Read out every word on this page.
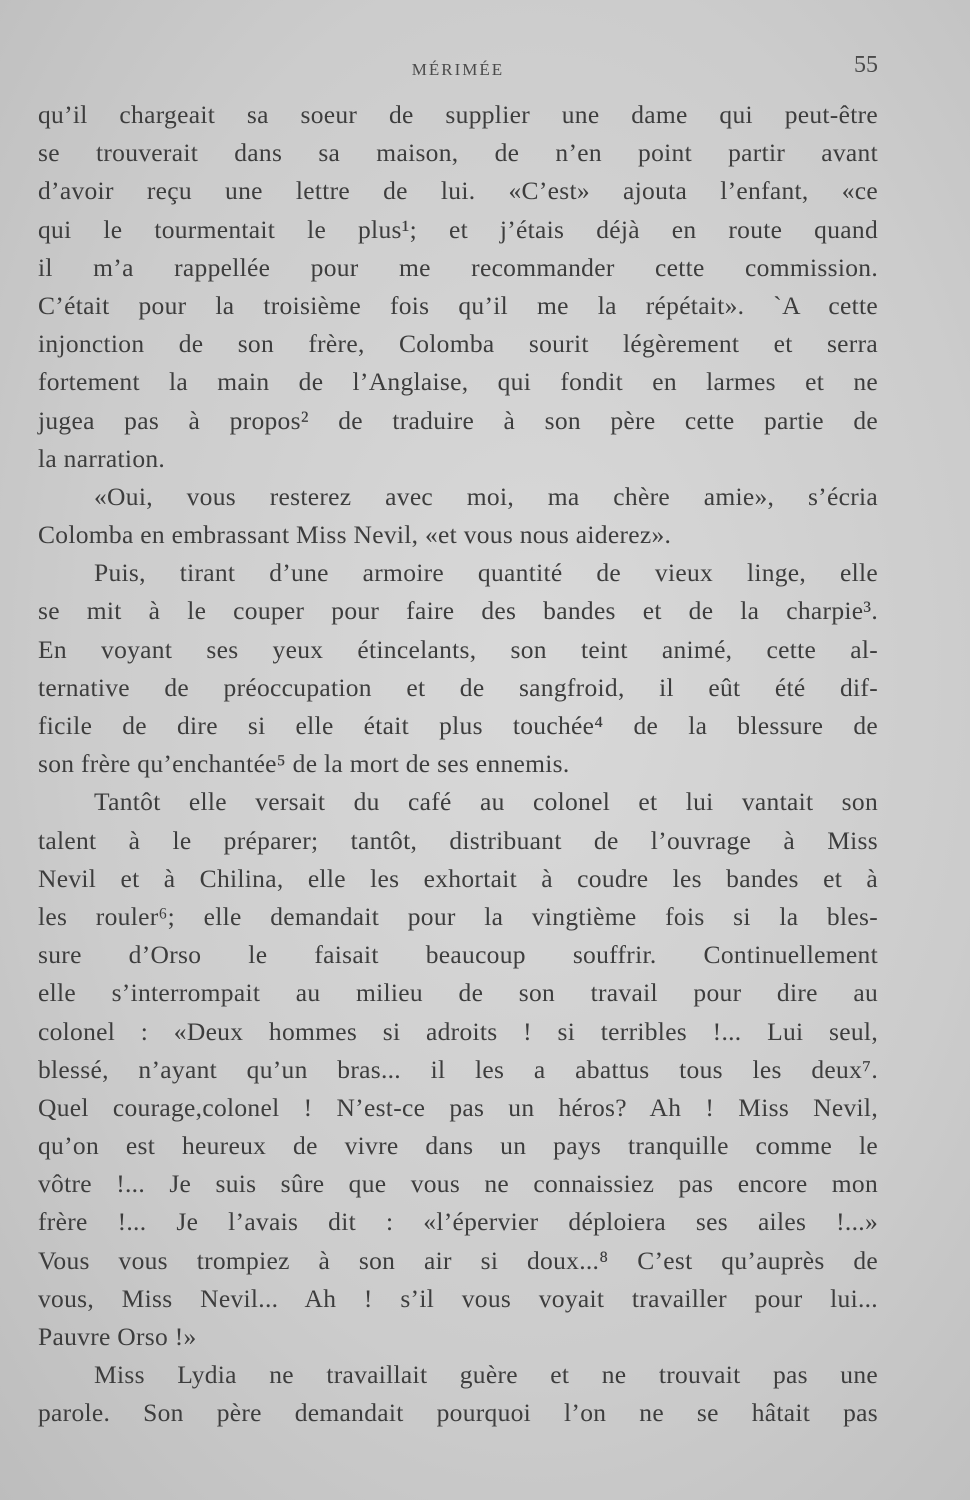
MÉRIMÉE	55
qu’il chargeait sa soeur de supplier une dame qui peut-être
se trouverait dans sa maison, de n’en point partir avant
d’avoir reçu une lettre de lui. «C’est» ajouta l’enfant, «ce
qui le tourmentait le plus¹; et j’étais déjà en route quand
il m’a rappellée pour me recommander cette commission.
C’était pour la troisième fois qu’il me la répétait». `A cette
injonction de son frère, Colomba sourit légèrement et serra
fortement la main de l’Anglaise, qui fondit en larmes et ne
jugea pas à propos² de traduire à son père cette partie de
la narration.
«Oui, vous resterez avec moi, ma chère amie», s’écria
Colomba en embrassant Miss Nevil, «et vous nous aiderez».
Puis, tirant d’une armoire quantité de vieux linge, elle
se mit à le couper pour faire des bandes et de la charpie³.
En voyant ses yeux étincelants, son teint animé, cette al-
ternative de préoccupation et de sangfroid, il eût été dif-
ficile de dire si elle était plus touchée⁴ de la blessure de
son frère qu’enchantée⁵ de la mort de ses ennemis.
Tantôt elle versait du café au colonel et lui vantait son
talent à le préparer; tantôt, distribuant de l’ouvrage à Miss
Nevil et à Chilina, elle les exhortait à coudre les bandes et à
les rouler⁶; elle demandait pour la vingtième fois si la bles-
sure d’Orso le faisait beaucoup souffrir. Continuellement
elle s’interrompait au milieu de son travail pour dire au
colonel : «Deux hommes si adroits ! si terribles !... Lui seul,
blessé, n’ayant qu’un bras... il les a abattus tous les deux⁷.
Quel courage,colonel ! N’est-ce pas un héros? Ah ! Miss Nevil,
qu’on est heureux de vivre dans un pays tranquille comme le
vôtre !... Je suis sûre que vous ne connaissiez pas encore mon
frère !... Je l’avais dit : «l’épervier déploiera ses ailes !...»
Vous vous trompiez à son air si doux...⁸ C’est qu’auprès de
vous, Miss Nevil... Ah ! s’il vous voyait travailler pour lui...
Pauvre Orso !»
Miss Lydia ne travaillait guère et ne trouvait pas une
parole. Son père demandait pourquoi l’on ne se hâtait pas
